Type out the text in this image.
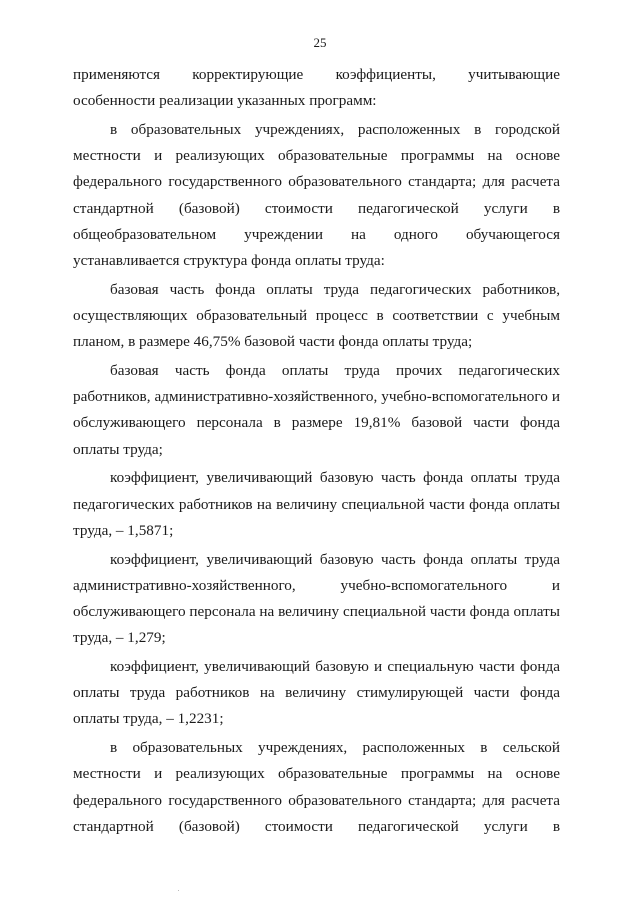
25

применяются корректирующие коэффициенты, учитывающие особенности реализации указанных программ:

в образовательных учреждениях, расположенных в городской местности и реализующих образовательные программы на основе федерального государственного образовательного стандарта; для расчета стандартной (базовой) стоимости педагогической услуги в общеобразовательном учреждении на одного обучающегося устанавливается структура фонда оплаты труда:

базовая часть фонда оплаты труда педагогических работников, осуществляющих образовательный процесс в соответствии с учебным планом, в размере 46,75% базовой части фонда оплаты труда;

базовая часть фонда оплаты труда прочих педагогических работников, административно-хозяйственного, учебно-вспомогательного и обслуживающего персонала в размере 19,81% базовой части фонда оплаты труда;

коэффициент, увеличивающий базовую часть фонда оплаты труда педагогических работников на величину специальной части фонда оплаты труда, – 1,5871;

коэффициент, увеличивающий базовую часть фонда оплаты труда административно-хозяйственного, учебно-вспомогательного и обслуживающего персонала на величину специальной части фонда оплаты труда, – 1,279;

коэффициент, увеличивающий базовую и специальную части фонда оплаты труда работников на величину стимулирующей части фонда оплаты труда, – 1,2231;

в образовательных учреждениях, расположенных в сельской местности и реализующих образовательные программы на основе федерального государственного образовательного стандарта; для расчета стандартной (базовой) стоимости педагогической услуги в
